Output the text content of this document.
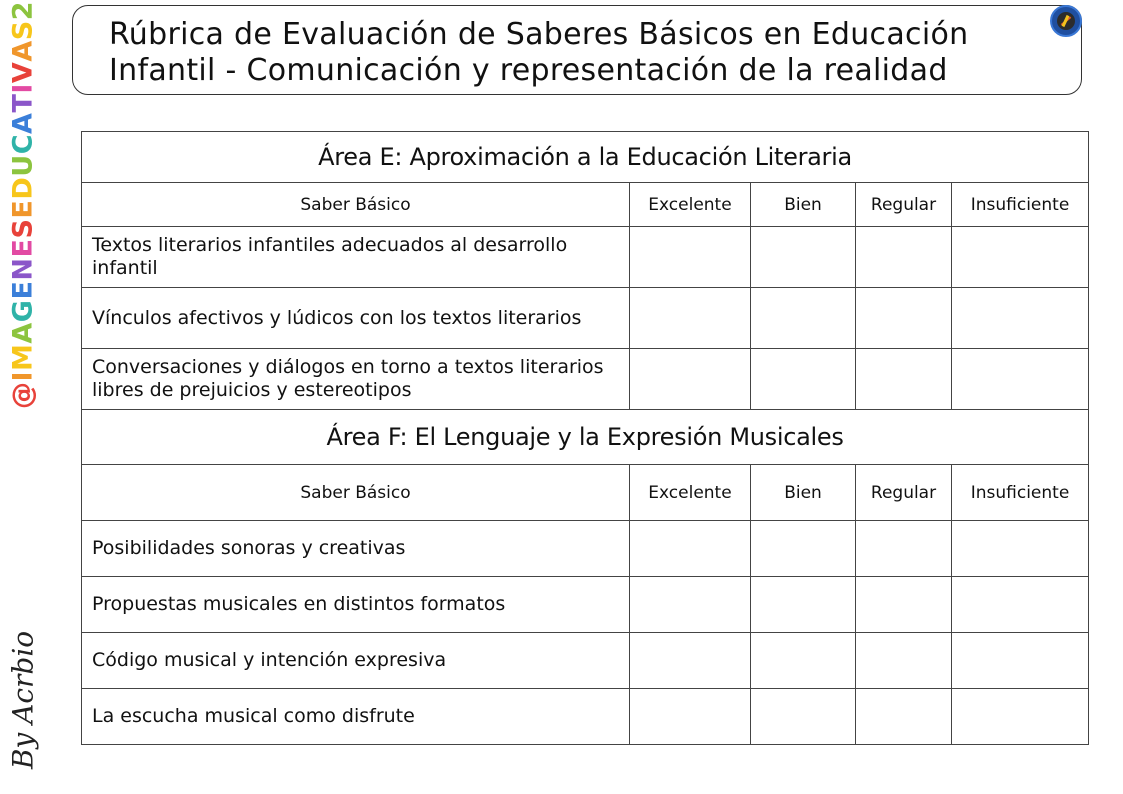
@IMAGENESEDUCATIVAS2
By Acrbio
Rúbrica de Evaluación de Saberes Básicos en Educación
Infantil - Comunicación y representación de la realidad
Área E: Aproximación a la Educación Literaria				
Saber Básico	Excelente	Bien	Regular	Insuficiente
Textos literarios infantiles adecuados al desarrollo infantil				
Vínculos afectivos y lúdicos con los textos literarios				
Conversaciones y diálogos en torno a textos literarios libres de prejuicios y estereotipos				
Área F: El Lenguaje y la Expresión Musicales				
Saber Básico	Excelente	Bien	Regular	Insuficiente
Posibilidades sonoras y creativas				
Propuestas musicales en distintos formatos				
Código musical y intención expresiva				
La escucha musical como disfrute				
